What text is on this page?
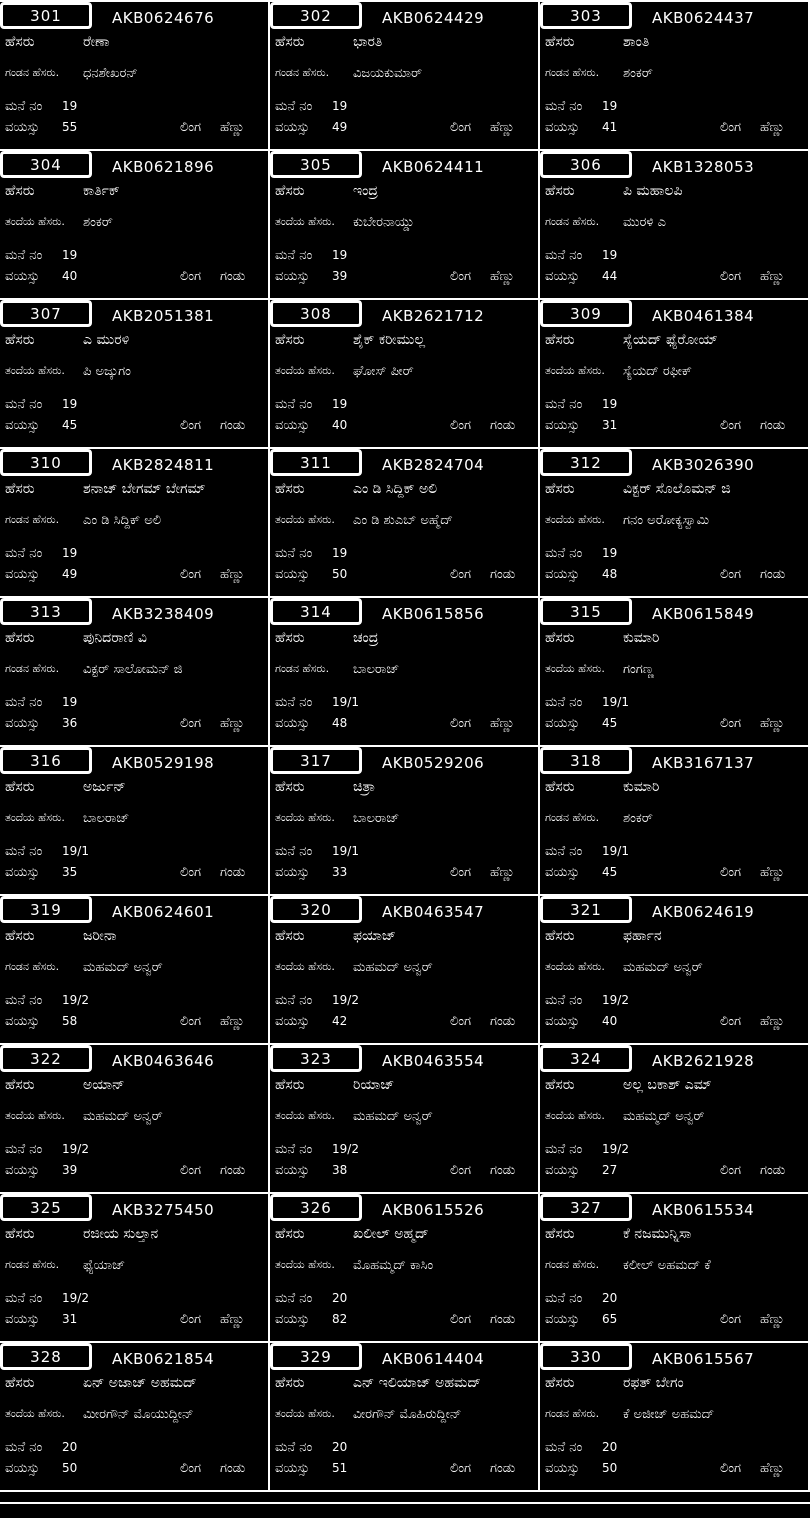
301	AKB0624676
ಹೆಸರು	ರೇಣಾ
ಗಂಡನ ಹೆಸರು. ಧನಶೇಖರನ್
ಮನೆ ನಂ 19
ವಯಸ್ಸು 55	ಲಿಂಗ ಹೆಣ್ಣು
302	AKB0624429
ಹೆಸರು	ಭಾರತಿ
ಗಂಡನ ಹೆಸರು. ವಿಜಯಕುಮಾರ್
ಮನೆ ನಂ 19
ವಯಸ್ಸು 49	ಲಿಂಗ ಹೆಣ್ಣು
303	AKB0624437
ಹೆಸರು	ಶಾಂತಿ
ಗಂಡನ ಹೆಸರು. ಶಂಕರ್
ಮನೆ ನಂ 19
ವಯಸ್ಸು 41	ಲಿಂಗ ಹೆಣ್ಣು
304	AKB0621896
ಹೆಸರು	ಕಾರ್ತಿಕ್
ತಂದೆಯ ಹೆಸರು. ಶಂಕರ್
ಮನೆ ನಂ 19
ವಯಸ್ಸು 40	ಲಿಂಗ ಗಂಡು
305	AKB0624411
ಹೆಸರು	ಇಂದ್ರ
ತಂದೆಯ ಹೆಸರು. ಕುಬೇರನಾಯ್ಡು
ಮನೆ ನಂ 19
ವಯಸ್ಸು 39	ಲಿಂಗ ಹೆಣ್ಣು
306	AKB1328053
ಹೆಸರು	ಪಿ ಮಹಾಲಪಿ
ಗಂಡನ ಹೆಸರು. ಮುರಳಿ ಎ
ಮನೆ ನಂ 19
ವಯಸ್ಸು 44	ಲಿಂಗ ಹೆಣ್ಣು
307	AKB2051381
ಹೆಸರು	ಎ ಮುರಳಿ
ತಂದೆಯ ಹೆಸರು. ಪಿ ಅಜ್ಕುಗಂ
ಮನೆ ನಂ 19
ವಯಸ್ಸು 45	ಲಿಂಗ ಗಂಡು
308	AKB2621712
ಹೆಸರು	ಶೈಕ್ ಕರೀಮುಲ್ಲ
ತಂದೆಯ ಹೆಸರು. ಘೋಸ್ ಪೀರ್
ಮನೆ ನಂ 19
ವಯಸ್ಸು 40	ಲಿಂಗ ಗಂಡು
309	AKB0461384
ಹೆಸರು	ಸ್ಯೆಯದ್ ಫ್ಯೆರೋಯ್
ತಂದೆಯ ಹೆಸರು. ಸ್ಯೆಯದ್ ರಫೀಕ್
ಮನೆ ನಂ 19
ವಯಸ್ಸು 31	ಲಿಂಗ ಗಂಡು
310	AKB2824811
ಹೆಸರು	ಶನಾಜ್ ಬೇಗಮ್ ಬೇಗಮ್
ಗಂಡನ ಹೆಸರು. ಎಂ ಡಿ ಸಿದ್ದಿಕ್ ಅಲಿ
ಮನೆ ನಂ 19
ವಯಸ್ಸು 49	ಲಿಂಗ ಹೆಣ್ಣು
311	AKB2824704
ಹೆಸರು	ಎಂ ಡಿ ಸಿದ್ದಿಕ್ ಅಲಿ
ತಂದೆಯ ಹೆಸರು. ಎಂ ಡಿ ಶುಎಬ್ ಅಹ್ಮೆದ್
ಮನೆ ನಂ 19
ವಯಸ್ಸು 50	ಲಿಂಗ ಗಂಡು
312	AKB3026390
ಹೆಸರು	ವಿಕ್ಟರ್ ಸೊಲೊಮನ್ ಜಿ
ತಂದೆಯ ಹೆಸರು. ಗನಂ ಅರೋಕ್ಯಸ್ವಾಮಿ
ಮನೆ ನಂ 19
ವಯಸ್ಸು 48	ಲಿಂಗ ಗಂಡು
313	AKB3238409
ಹೆಸರು	ಪುನಿದರಾಣಿ ವಿ
ಗಂಡನ ಹೆಸರು. ವಿಕ್ಟರ್ ಸಾಲೋಮನ್ ಜಿ
ಮನೆ ನಂ 19
ವಯಸ್ಸು 36	ಲಿಂಗ ಹೆಣ್ಣು
314	AKB0615856
ಹೆಸರು	ಚಂದ್ರ
ಗಂಡನ ಹೆಸರು. ಬಾಲರಾಜ್
ಮನೆ ನಂ 19/1
ವಯಸ್ಸು 48	ಲಿಂಗ ಹೆಣ್ಣು
315	AKB0615849
ಹೆಸರು	ಕುಮಾರಿ
ತಂದೆಯ ಹೆಸರು. ಗಂಗಣ್ಣ
ಮನೆ ನಂ 19/1
ವಯಸ್ಸು 45	ಲಿಂಗ ಹೆಣ್ಣು
316	AKB0529198
ಹೆಸರು	ಅರ್ಜುನ್
ತಂದೆಯ ಹೆಸರು. ಬಾಲರಾಜ್
ಮನೆ ನಂ 19/1
ವಯಸ್ಸು 35	ಲಿಂಗ ಗಂಡು
317	AKB0529206
ಹೆಸರು	ಚಿತ್ರಾ
ತಂದೆಯ ಹೆಸರು. ಬಾಲರಾಜ್
ಮನೆ ನಂ 19/1
ವಯಸ್ಸು 33	ಲಿಂಗ ಹೆಣ್ಣು
318	AKB3167137
ಹೆಸರು	ಕುಮಾರಿ
ಗಂಡನ ಹೆಸರು. ಶಂಕರ್
ಮನೆ ನಂ 19/1
ವಯಸ್ಸು 45	ಲಿಂಗ ಹೆಣ್ಣು
319	AKB0624601
ಹೆಸರು	ಜರೀನಾ
ಗಂಡನ ಹೆಸರು. ಮಹಮದ್ ಅನ್ವರ್
ಮನೆ ನಂ 19/2
ವಯಸ್ಸು 58	ಲಿಂಗ ಹೆಣ್ಣು
320	AKB0463547
ಹೆಸರು	ಫಯಾಜ್
ತಂದೆಯ ಹೆಸರು. ಮಹಮದ್ ಅನ್ವರ್
ಮನೆ ನಂ 19/2
ವಯಸ್ಸು 42	ಲಿಂಗ ಗಂಡು
321	AKB0624619
ಹೆಸರು	ಫರ್ಹಾನ
ತಂದೆಯ ಹೆಸರು. ಮಹಮದ್ ಅನ್ವರ್
ಮನೆ ನಂ 19/2
ವಯಸ್ಸು 40	ಲಿಂಗ ಹೆಣ್ಣು
322	AKB0463646
ಹೆಸರು	ಅಯಾನ್
ತಂದೆಯ ಹೆಸರು. ಮಹಮದ್ ಅನ್ವರ್
ಮನೆ ನಂ 19/2
ವಯಸ್ಸು 39	ಲಿಂಗ ಗಂಡು
323	AKB0463554
ಹೆಸರು	ರಿಯಾಜ್
ತಂದೆಯ ಹೆಸರು. ಮಹಮದ್ ಅನ್ವರ್
ಮನೆ ನಂ 19/2
ವಯಸ್ಸು 38	ಲಿಂಗ ಗಂಡು
324	AKB2621928
ಹೆಸರು	ಅಲ್ಲ ಬಕಾಶ್ ಎಮ್
ತಂದೆಯ ಹೆಸರು. ಮಹಮ್ಮದ್ ಅನ್ವರ್
ಮನೆ ನಂ 19/2
ವಯಸ್ಸು 27	ಲಿಂಗ ಗಂಡು
325	AKB3275450
ಹೆಸರು	ರಜೀಯ ಸುಲ್ತಾನ
ಗಂಡನ ಹೆಸರು. ಫ್ಯೆಯಾಜ್
ಮನೆ ನಂ 19/2
ವಯಸ್ಸು 31	ಲಿಂಗ ಹೆಣ್ಣು
326	AKB0615526
ಹೆಸರು	ಖಲೀಲ್ ಅಹ್ಮದ್
ತಂದೆಯ ಹೆಸರು. ಮೊಹಮ್ಮದ್ ಕಾಸಿಂ
ಮನೆ ನಂ 20
ವಯಸ್ಸು 82	ಲಿಂಗ ಗಂಡು
327	AKB0615534
ಹೆಸರು	ಕೆ ನಜಮುನ್ನಿಸಾ
ಗಂಡನ ಹೆಸರು. ಕಲೀಲ್ ಅಹಮದ್ ಕೆ
ಮನೆ ನಂ 20
ವಯಸ್ಸು 65	ಲಿಂಗ ಹೆಣ್ಣು
328	AKB0621854
ಹೆಸರು	ಏನ್ ಅಜಾಜ್ ಅಹಮದ್
ತಂದೆಯ ಹೆಸರು. ಮೀರಗೌನ್ ಮೊಯುದ್ದೀನ್
ಮನೆ ನಂ 20
ವಯಸ್ಸು 50	ಲಿಂಗ ಗಂಡು
329	AKB0614404
ಹೆಸರು	ಎನ್ ಇಲಿಯಾಜ್ ಅಹಮದ್
ತಂದೆಯ ಹೆಸರು. ವೀರಗೌನ್ ಮೊಹಿರುದ್ದೀನ್
ಮನೆ ನಂ 20
ವಯಸ್ಸು 51	ಲಿಂಗ ಗಂಡು
330	AKB0615567
ಹೆಸರು	ರಫತ್ ಬೇಗಂ
ಗಂಡನ ಹೆಸರು. ಕೆ ಅಜೀಜ್ ಅಹಮದ್
ಮನೆ ನಂ 20
ವಯಸ್ಸು 50	ಲಿಂಗ ಹೆಣ್ಣು
